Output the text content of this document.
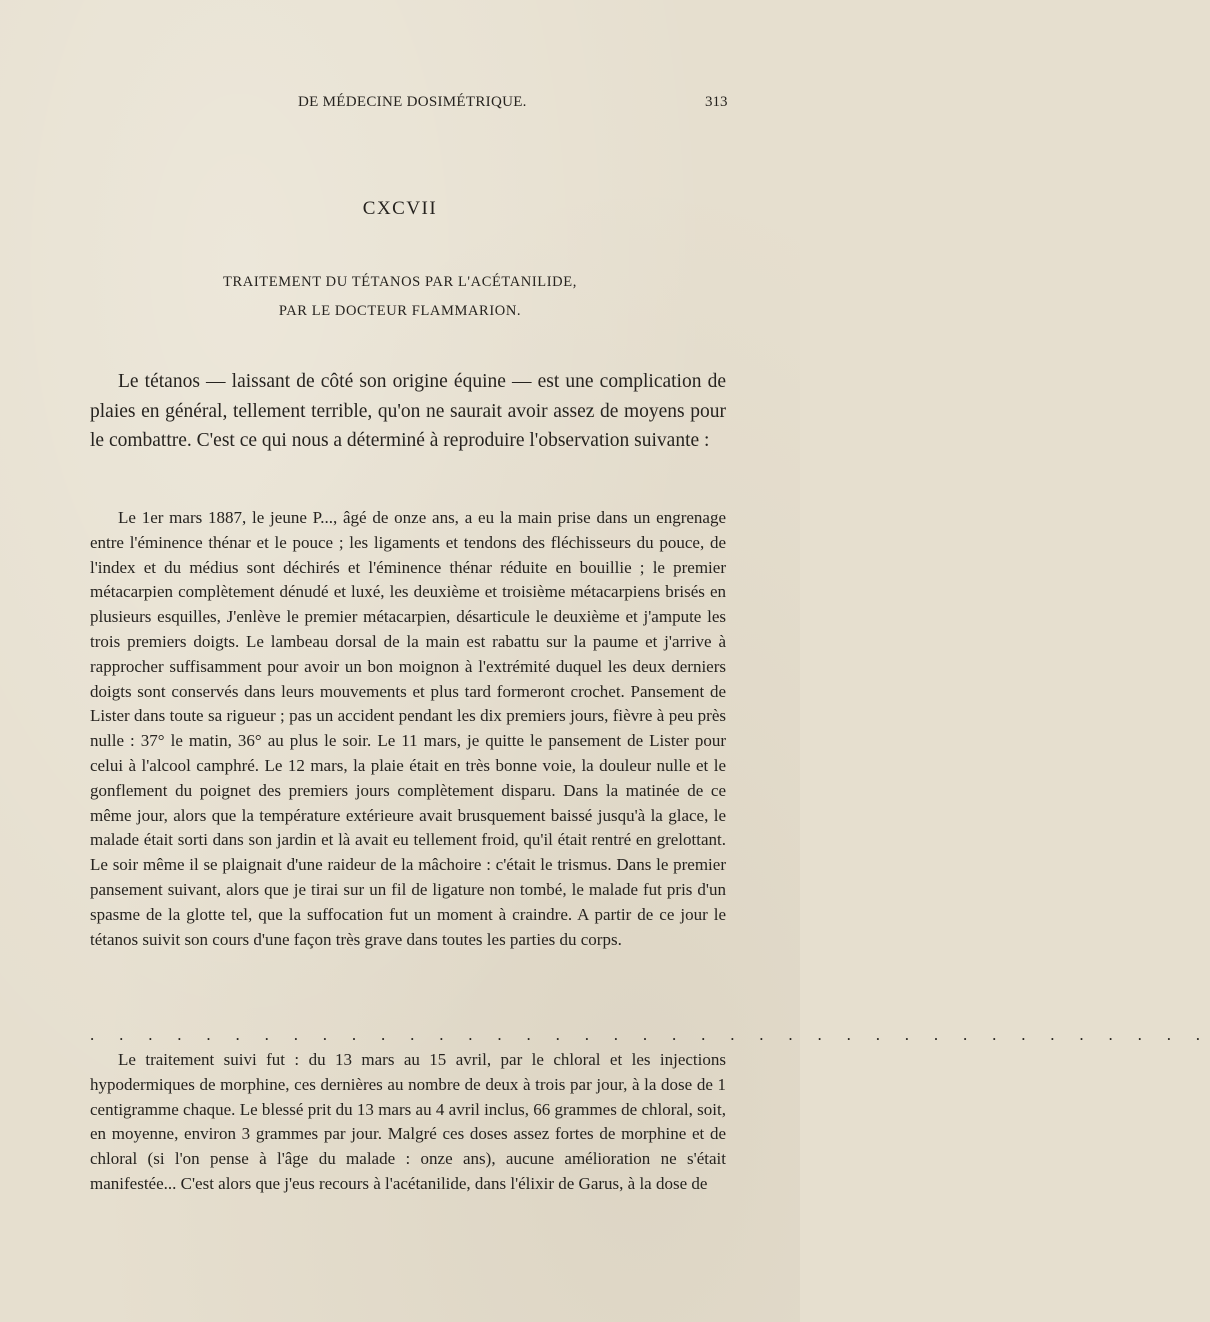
DE MÉDECINE DOSIMÉTRIQUE.	313
CXCVII
TRAITEMENT DU TÉTANOS PAR L'ACÉTANILIDE,
PAR LE DOCTEUR FLAMMARION.

Le tétanos — laissant de côté son origine équine — est une complication de plaies en général, tellement terrible, qu'on ne saurait avoir assez de moyens pour le combattre. C'est ce qui nous a déterminé à reproduire l'observation suivante :

Le 1er mars 1887, le jeune P..., âgé de onze ans, a eu la main prise dans un engrenage entre l'éminence thénar et le pouce ; les ligaments et tendons des fléchisseurs du pouce, de l'index et du médius sont déchirés et l'éminence thénar réduite en bouillie ; le premier métacarpien complètement dénudé et luxé, les deuxième et troisième métacarpiens brisés en plusieurs esquilles, J'enlève le premier métacarpien, désarticule le deuxième et j'ampute les trois premiers doigts. Le lambeau dorsal de la main est rabattu sur la paume et j'arrive à rapprocher suffisamment pour avoir un bon moignon à l'extrémité duquel les deux derniers doigts sont conservés dans leurs mouvements et plus tard formeront crochet. Pansement de Lister dans toute sa rigueur ; pas un accident pendant les dix premiers jours, fièvre à peu près nulle : 37° le matin, 36° au plus le soir. Le 11 mars, je quitte le pansement de Lister pour celui à l'alcool camphré. Le 12 mars, la plaie était en très bonne voie, la douleur nulle et le gonflement du poignet des premiers jours complètement disparu. Dans la matinée de ce même jour, alors que la température extérieure avait brusquement baissé jusqu'à la glace, le malade était sorti dans son jardin et là avait eu tellement froid, qu'il était rentré en grelottant. Le soir même il se plaignait d'une raideur de la mâchoire : c'était le trismus. Dans le premier pansement suivant, alors que je tirai sur un fil de ligature non tombé, le malade fut pris d'un spasme de la glotte tel, que la suffocation fut un moment à craindre. A partir de ce jour le tétanos suivit son cours d'une façon très grave dans toutes les parties du corps.

. . . . . . . . . . . . . . . . . . . . . . . . . . . . . . . . . . . . . . .

Le traitement suivi fut : du 13 mars au 15 avril, par le chloral et les injections hypodermiques de morphine, ces dernières au nombre de deux à trois par jour, à la dose de 1 centigramme chaque. Le blessé prit du 13 mars au 4 avril inclus, 66 grammes de chloral, soit, en moyenne, environ 3 grammes par jour. Malgré ces doses assez fortes de morphine et de chloral (si l'on pense à l'âge du malade : onze ans), aucune amélioration ne s'était manifestée... C'est alors que j'eus recours à l'acétanilide, dans l'élixir de Garus, à la dose de
